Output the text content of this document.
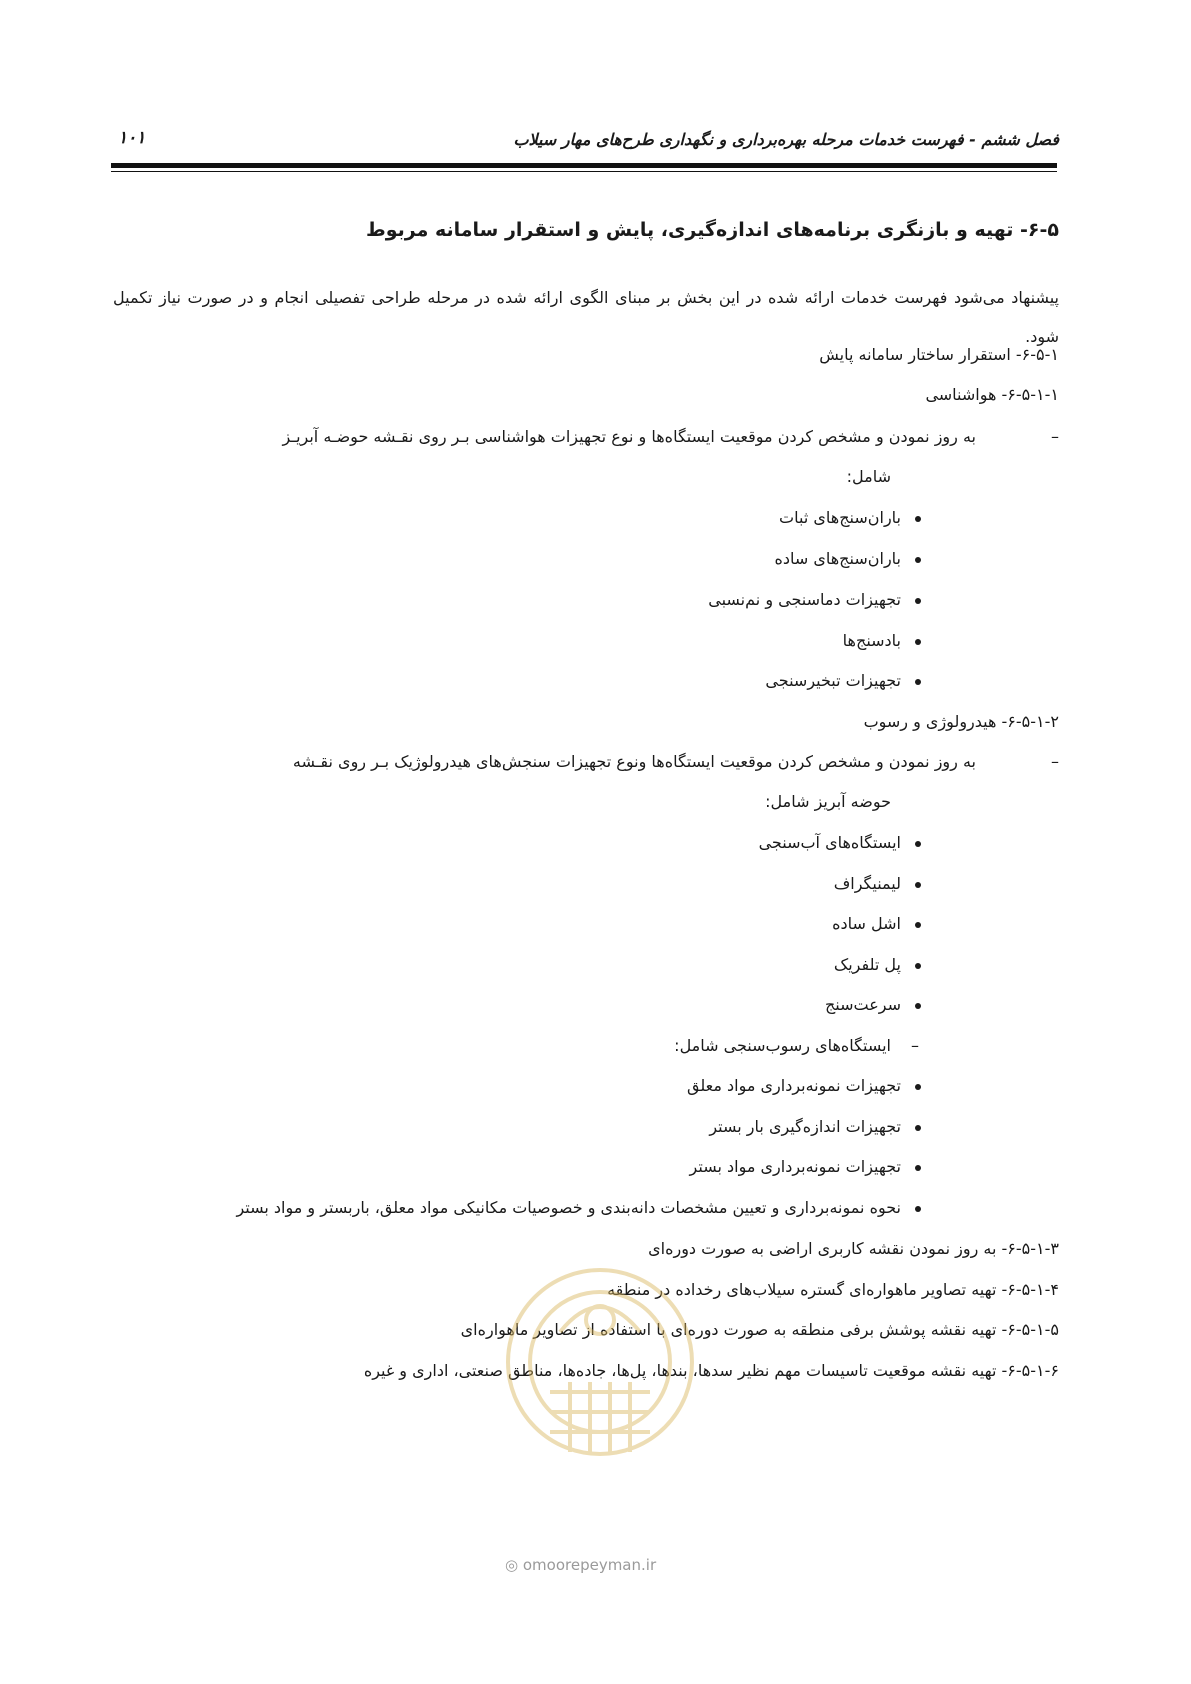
فصل ششم - فهرست خدمات مرحله بهره‌برداری و نگهداری طرح‌های مهار سیلاب
۱۰۱
۶-۵- تهیه و بازنگری برنامه‌های اندازه‌گیری، پایش و استقرار سامانه مربوط
پیشنهاد می‌شود فهرست خدمات ارائه شده در این بخش بر مبنای الگوی ارائه شده در مرحله طراحی تفصیلی انجام و در صورت نیاز تکمیل شود.
۶-۵-۱- استقرار ساختار سامانه پایش
۶-۵-۱-۱- هواشناسی
–
به روز نمودن و مشخص کردن موقعیت ایستگاه‌ها و نوع تجهیزات هواشناسی بـر روی نقـشه حوضـه آبریـز
شامل:
باران‌سنج‌های ثبات
باران‌سنج‌های ساده
تجهیزات دماسنجی و نم‌نسبی
بادسنج‌ها
تجهیزات تبخیرسنجی
۶-۵-۱-۲- هیدرولوژی و رسوب
–
به روز نمودن و مشخص کردن موقعیت ایستگاه‌ها ونوع تجهیزات سنجش‌های هیدرولوژیک بـر روی نقـشه
حوضه آبریز شامل:
ایستگاه‌های آب‌سنجی
لیمنیگراف
اشل ساده
پل تلفریک
سرعت‌سنج
–
ایستگاه‌های رسوب‌سنجی شامل:
تجهیزات نمونه‌برداری مواد معلق
تجهیزات اندازه‌گیری بار بستر
تجهیزات نمونه‌برداری مواد بستر
نحوه نمونه‌برداری و تعیین مشخصات دانه‌بندی و خصوصیات مکانیکی مواد معلق، باربستر و مواد بستر
۶-۵-۱-۳- به روز نمودن نقشه کاربری اراضی به صورت دوره‌ای
۶-۵-۱-۴- تهیه تصاویر ماهواره‌ای گستره سیلاب‌های رخداده در منطقه
۶-۵-۱-۵- تهیه نقشه پوشش برفی منطقه به صورت دوره‌ای با استفاده از تصاویر ماهواره‌ای
۶-۵-۱-۶- تهیه نقشه موقعیت تاسیسات مهم نظیر سدها، بندها، پل‌ها، جاده‌ها، مناطق صنعتی، اداری و غیره
◎ omoorepeyman.ir
